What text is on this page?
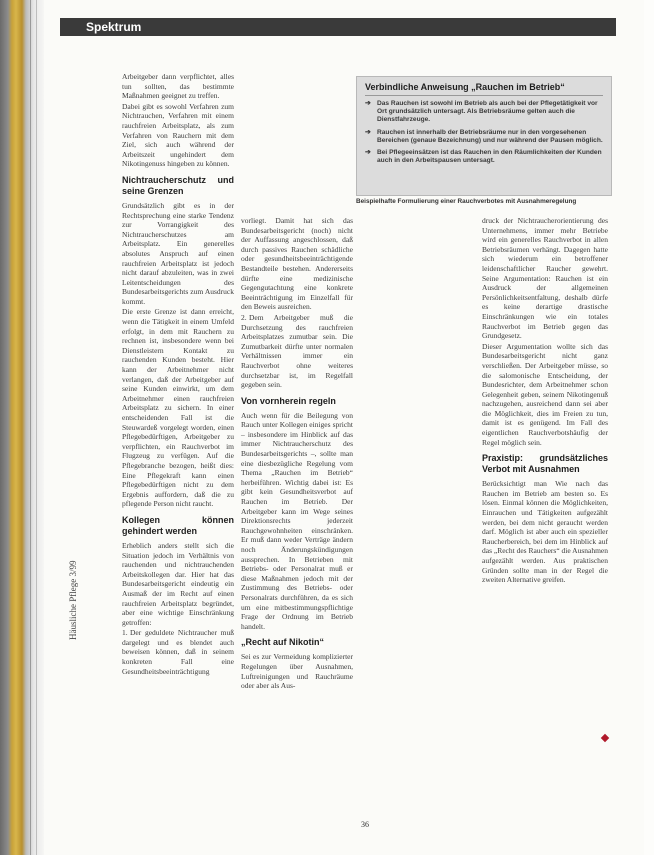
Spektrum
Häusliche Pflege 3/99

Arbeitgeber dann verpflichtet, alles tun sollten, das bestimmte Maßnahmen geeignet zu treffen.

Dabei gibt es sowohl Verfahren zum Nichtrauchen, Verfahren mit einem rauchfreien Arbeitsplatz, als zum Verfahren von Rauchern mit dem Ziel, sich auch während der Arbeitszeit ungehindert dem Nikotingenuss hingeben zu können.

Nichtraucherschutz und seine Grenzen

Grundsätzlich gibt es in der Rechtsprechung eine starke Tendenz zur Vorrangigkeit des Nichtraucherschutzes am Arbeitsplatz. Ein generelles absolutes Anspruch auf einen rauchfreien Arbeitsplatz ist jedoch nicht darauf abzuleiten, was in zwei Leitentscheidungen des Bundesarbeitsgerichts zum Ausdruck kommt.

Die erste Grenze ist dann erreicht, wenn die Tätigkeit in einem Umfeld erfolgt, in dem mit Rauchern zu rechnen ist, insbesondere wenn bei Dienstleistern Kontakt zu rauchenden Kunden besteht. Hier kann der Arbeitnehmer nicht verlangen, daß der Arbeitgeber auf seine Kunden einwirkt, um dem Arbeitnehmer einen rauchfreien Arbeitsplatz zu sichern. In einer entscheidenden Fall ist die Steuwardeß vorgelegt worden, einen Pflegebedürftigen, Arbeitgeber zu verpflichten, ein Rauchverbot im Flugzeug zu verfügen. Auf die Pflegebranche bezogen, heißt dies: Eine Pflegekraft kann einen Pflegebedürftigen nicht zu dem Ergebnis auffordern, daß die zu pflegende Person nicht raucht.

Kollegen können gehindert werden

Erheblich anders stellt sich die Situation jedoch im Verhältnis von rauchenden und nichtrauchenden Arbeitskollegen dar. Hier hat das Bundesarbeitsgericht eindeutig ein Ausmaß der im Recht auf einen rauchfreien Arbeitsplatz begründet, aber eine wichtige Einschränkung getroffen:

1. Der geduldete Nichtraucher muß dargelegt und es blendet auch beweisen können, daß in seinem konkreten Fall eine Gesundheitsbeeinträchtigung

Verbindliche Anweisung „Rauchen im Betrieb“
➔ Das Rauchen ist sowohl im Betrieb als auch bei der Pflegetätigkeit vor Ort grundsätzlich untersagt. Als Betriebsräume gelten auch die Dienstfahrzeuge.
➔ Rauchen ist innerhalb der Betriebsräume nur in den vorgesehenen Bereichen (genaue Bezeichnung) und nur während der Pausen möglich.
➔ Bei Pflegeeinsätzen ist das Rauchen in den Räumlichkeiten der Kunden auch in den Arbeitspausen untersagt.
Beispielhafte Formulierung einer Rauchverbotes mit Ausnahmeregelung

vorliegt. Damit hat sich das Bundesarbeitsgericht (noch) nicht der Auffassung angeschlossen, daß durch passives Rauchen schädliche oder gesundheitsbeeinträchtigende Bestandteile bestehen. Andererseits dürfte eine medizinische Gegengutachtung eine konkrete Beeinträchtigung im Einzelfall für den Beweis ausreichen.

2. Dem Arbeitgeber muß die Durchsetzung des rauchfreien Arbeitsplatzes zumutbar sein. Die Zumutbarkeit dürfte unter normalen Verhältnissen immer ein Rauchverbot ohne weiteres durchsetzbar ist, im Regelfall gegeben sein.

Von vornherein regeln

Auch wenn für die Beilegung von Rauch unter Kollegen einiges spricht – insbesondere im Hinblick auf das immer Nichtraucherschutz des Bundesarbeitsgerichts –, sollte man eine diesbezügliche Regelung vom Thema „Rauchen im Betrieb“ herbeiführen. Wichtig dabei ist: Es gibt kein Gesundheitsverbot auf Rauchen im Betrieb. Der Arbeitgeber kann im Wege seines Direktionsrechts jederzeit Rauchgewohnheiten einschränken. Er muß dann weder Verträge ändern noch Änderungskündigungen aussprechen. In Betrieben mit Betriebs- oder Personalrat muß er diese Maßnahmen jedoch mit der Zustimmung des Betriebs- oder Personalrats durchführen, da es sich um eine mitbestimmungspflichtige Frage der Ordnung im Betrieb handelt.

„Recht auf Nikotin“

Sei es zur Vermeidung komplizierter Regelungen über Ausnahmen, Luftreinigungen und Rauchräume oder aber als Aus-

druck der Nichtraucherorientierung des Unternehmens, immer mehr Betriebe wird ein generelles Rauchverbot in allen Betriebsräumen verhängt. Dagegen hatte sich wiederum ein betroffener leidenschaftlicher Raucher gewehrt. Seine Argumentation: Rauchen ist ein Ausdruck der allgemeinen Persönlichkeitsentfaltung, deshalb dürfe es keine derartige drastische Einschränkungen wie ein totales Rauchverbot im Betrieb gegen das Grundgesetz.

Dieser Argumentation wollte sich das Bundesarbeitsgericht nicht ganz verschließen. Der Arbeitgeber müsse, so die salomonische Entscheidung, der Bundesrichter, dem Arbeitnehmer schon Gelegenheit geben, seinem Nikotingenuß nachzugehen, ausreichend dann sei aber die Möglichkeit, dies im Freien zu tun, damit ist es genügend. Im Fall des eigentlichen Rauchverbotshäufig der Regel möglich sein.

Praxistip: grundsätzliches Verbot mit Ausnahmen

Berücksichtigt man Wie nach das Rauchen im Betrieb am besten so. Es lösen. Einmal können die Möglichkeiten, Einrauchen und Tätigkeiten aufgezählt werden, bei dem nicht geraucht werden darf. Möglich ist aber auch ein spezieller Raucherbereich, bei dem im Hinblick auf das „Recht des Rauchers“ die Ausnahmen aufgezählt werden. Aus praktischen Gründen sollte man in der Regel die zweiten Alternative greifen.

36
